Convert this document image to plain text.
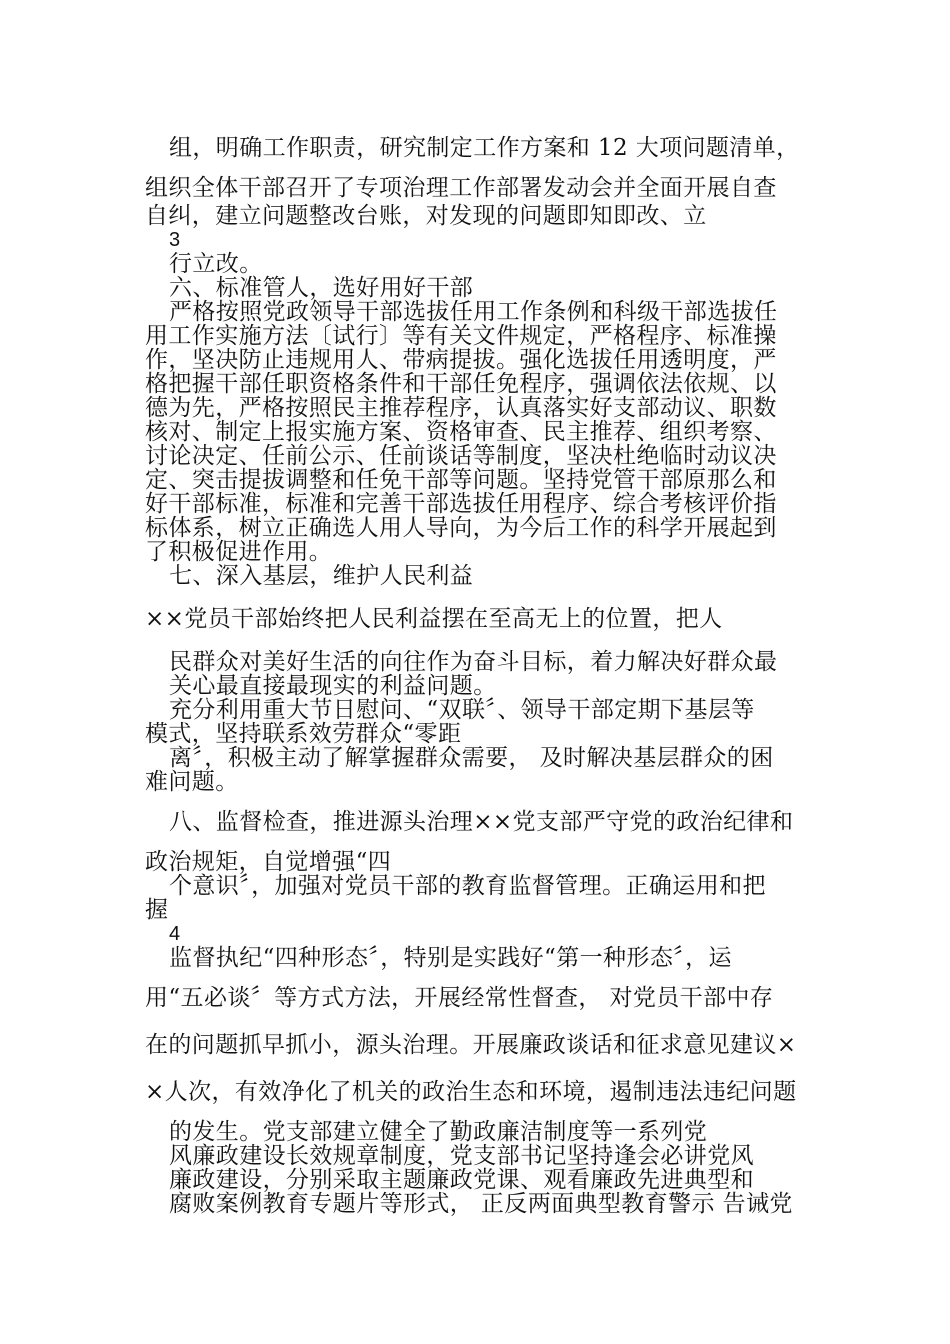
组，明确工作职责，研究制定工作方案和 12 大项问题清单，
组织全体干部召开了专项治理工作部署发动会并全面开展自查
自纠，建立问题整改台账，对发现的问题即知即改、立
3
行立改。
六、标准管人，选好用好干部
严格按照党政领导干部选拔任用工作条例和科级干部选拔任
用工作实施方法〔试行〕等有关文件规定，严格程序、标准操
作，坚决防止违规用人、带病提拔。强化选拔任用透明度，严
格把握干部任职资格条件和干部任免程序，强调依法依规、以
德为先，严格按照民主推荐程序，认真落实好支部动议、职数
核对、制定上报实施方案、资格审查、民主推荐、组织考察、
讨论决定、任前公示、任前谈话等制度，坚决杜绝临时动议决
定、突击提拔调整和任免干部等问题。坚持党管干部原那么和
好干部标准，标准和完善干部选拔任用程序、综合考核评价指
标体系，树立正确选人用人导向，为今后工作的科学开展起到
了积极促进作用。
七、深入基层，维护人民利益
××党员干部始终把人民利益摆在至高无上的位置，把人
民群众对美好生活的向往作为奋斗目标，着力解决好群众最
关心最直接最现实的利益问题。
充分利用重大节日慰问、“双联〞、领导干部定期下基层等
模式，坚持联系效劳群众“零距
离〞，积极主动了解掌握群众需要， 及时解决基层群众的困
难问题。
八、监督检查，推进源头治理××党支部严守党的政治纪律和
政治规矩，自觉增强“四
个意识〞，加强对党员干部的教育监督管理。正确运用和把
握
4
监督执纪“四种形态〞，特别是实践好“第一种形态〞，运
用“五必谈〞等方式方法，开展经常性督查， 对党员干部中存
在的问题抓早抓小，源头治理。开展廉政谈话和征求意见建议×
×人次，有效净化了机关的政治生态和环境，遏制违法违纪问题
的发生。党支部建立健全了勤政廉洁制度等一系列党
风廉政建设长效规章制度，党支部书记坚持逢会必讲党风
廉政建设，分别采取主题廉政党课、观看廉政先进典型和
腐败案例教育专题片等形式， 正反两面典型教育警示 告诫党
